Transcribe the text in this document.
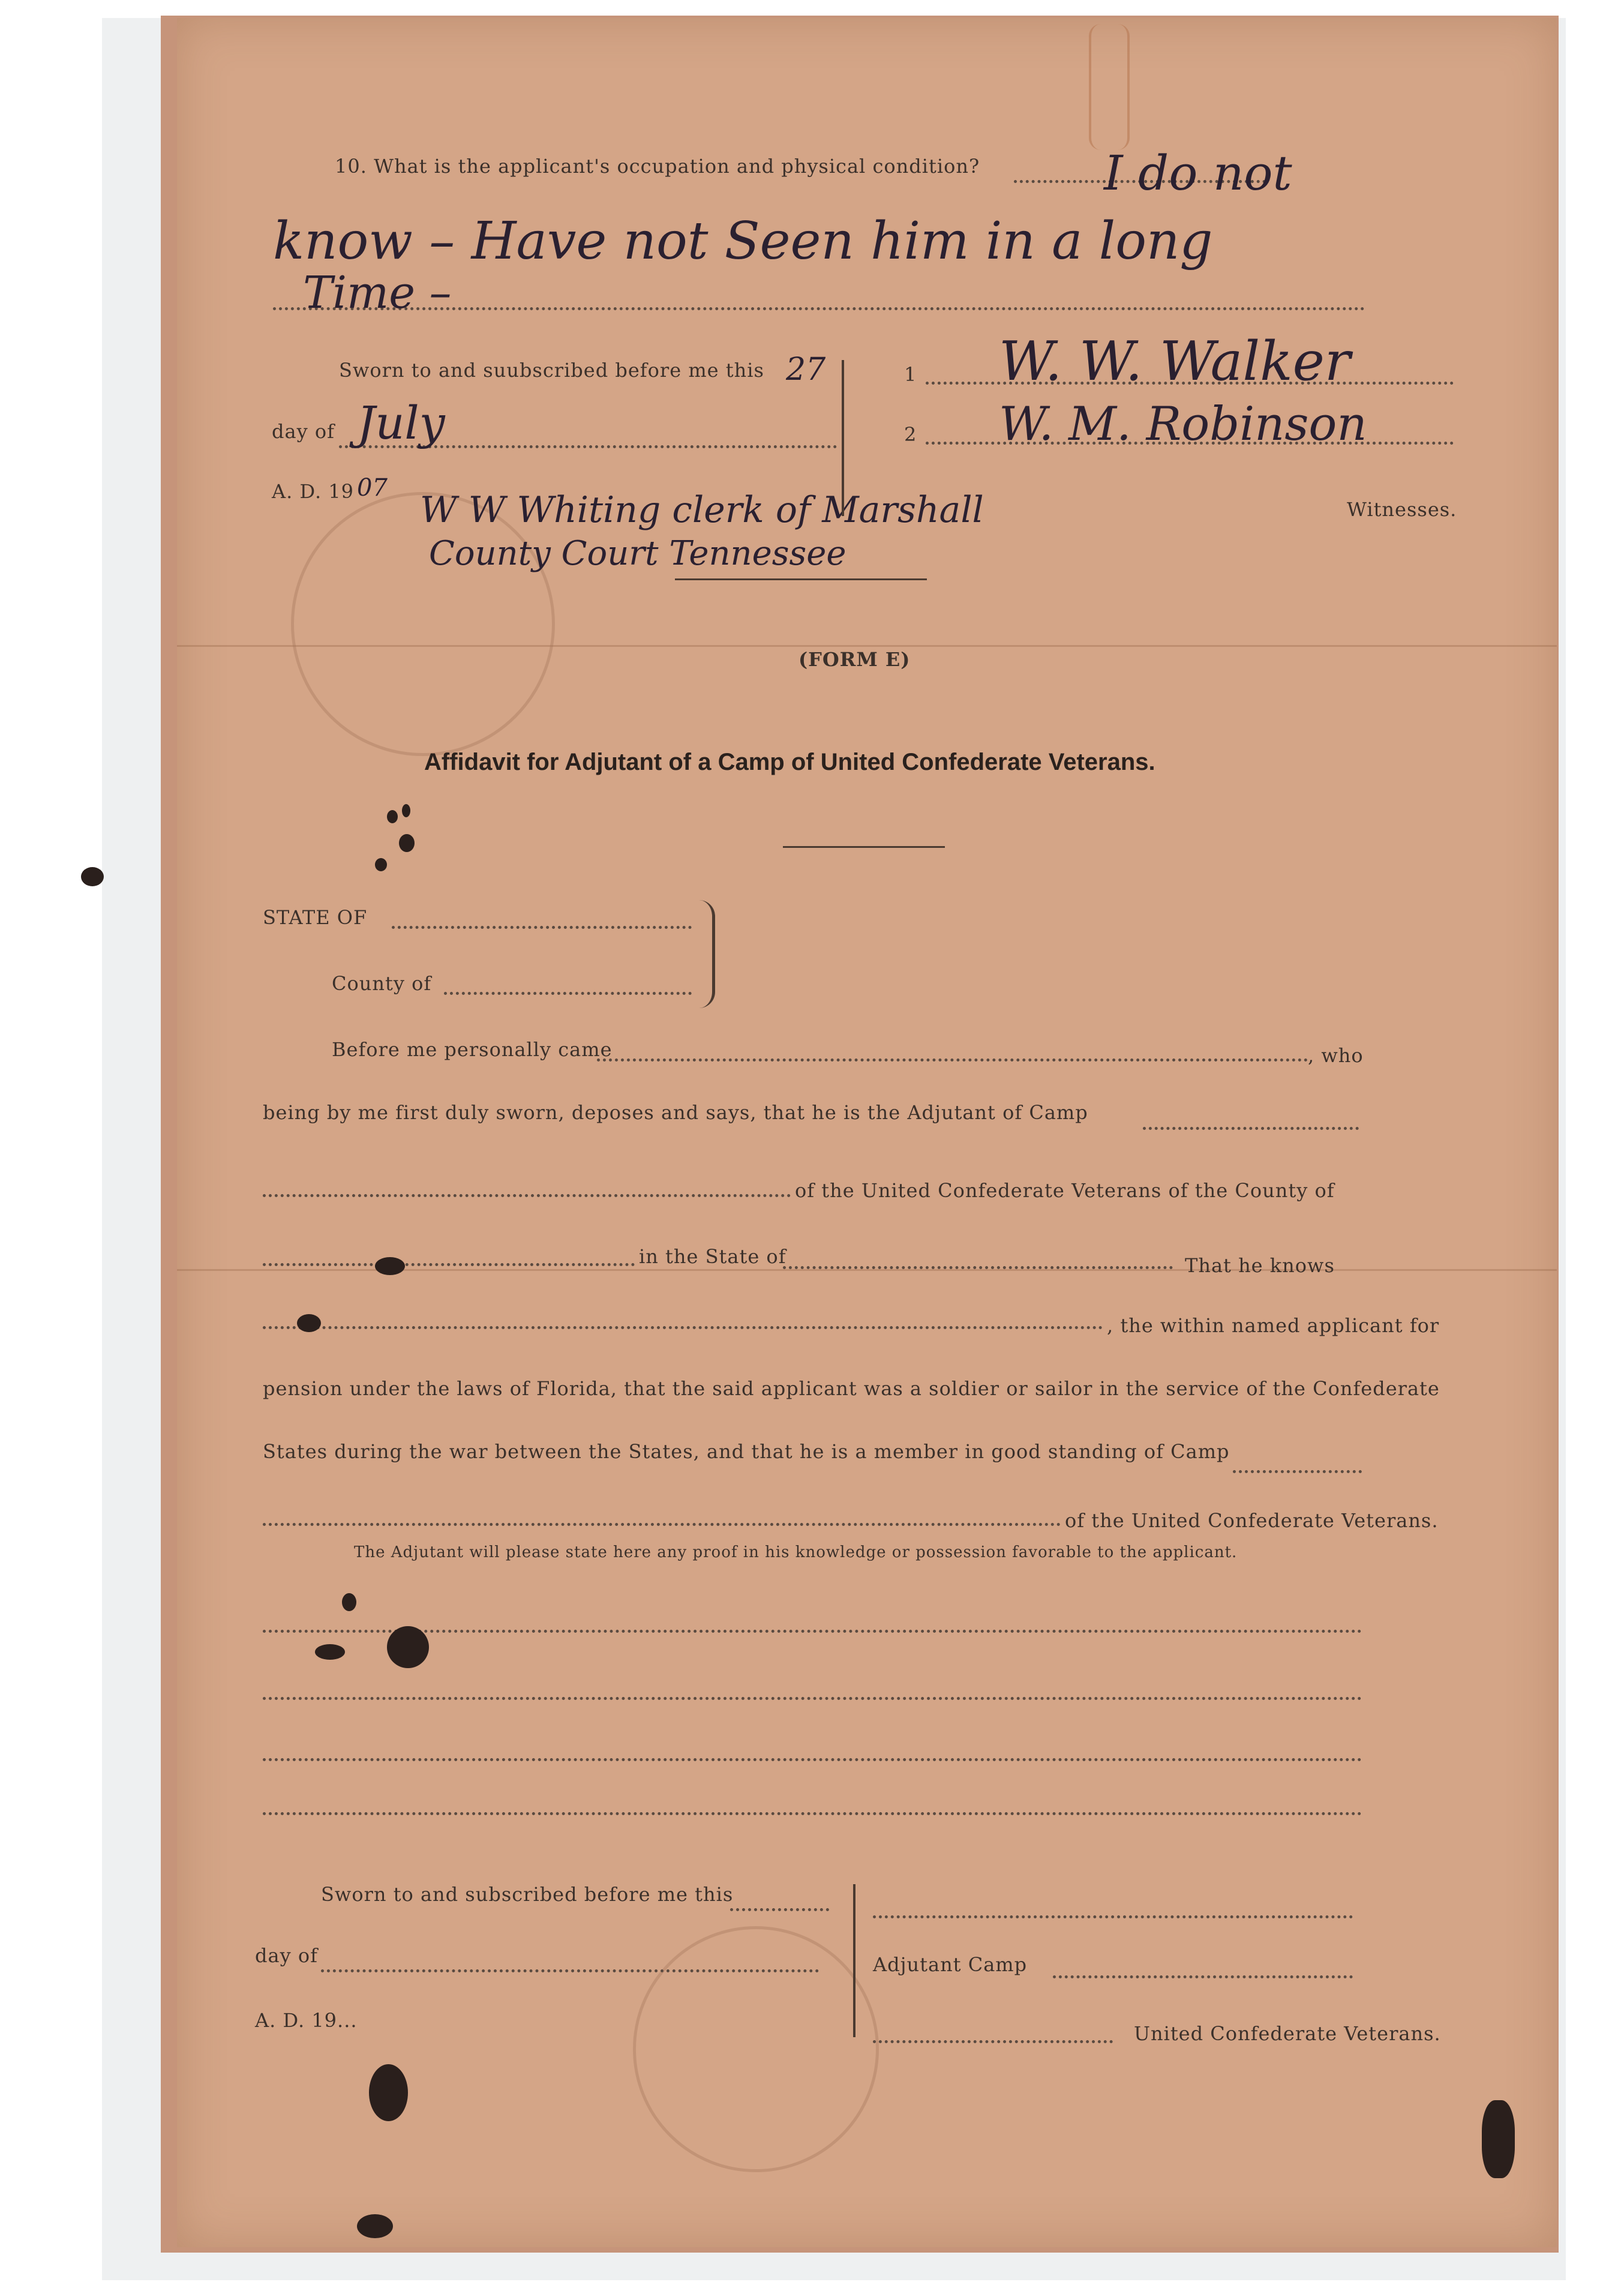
10. What is the applicant's occupation and physical condition?	I do not
know – Have not Seen him in a long
Time –
Sworn to and suubscribed before me this 27
day of July
A. D. 19 07
W W Whiting clerk of Marshall
County Court Tennessee
1 W. W. Walker
2 W. M. Robinson
Witnesses.
(FORM E)
Affidavit for Adjutant of a Camp of United Confederate Veterans.
STATE OF
County of
Before me personally came	, who
being by me first duly sworn, deposes and says, that he is the Adjutant of Camp
of the United Confederate Veterans of the County of
in the State of	That he knows
, the within named applicant for
pension under the laws of Florida, that the said applicant was a soldier or sailor in the service of the Confederate
States during the war between the States, and that he is a member in good standing of Camp
of the United Confederate Veterans.
The Adjutant will please state here any proof in his knowledge or possession favorable to the applicant.
Sworn to and subscribed before me this
day of
A. D. 19...
Adjutant Camp
United Confederate Veterans.
